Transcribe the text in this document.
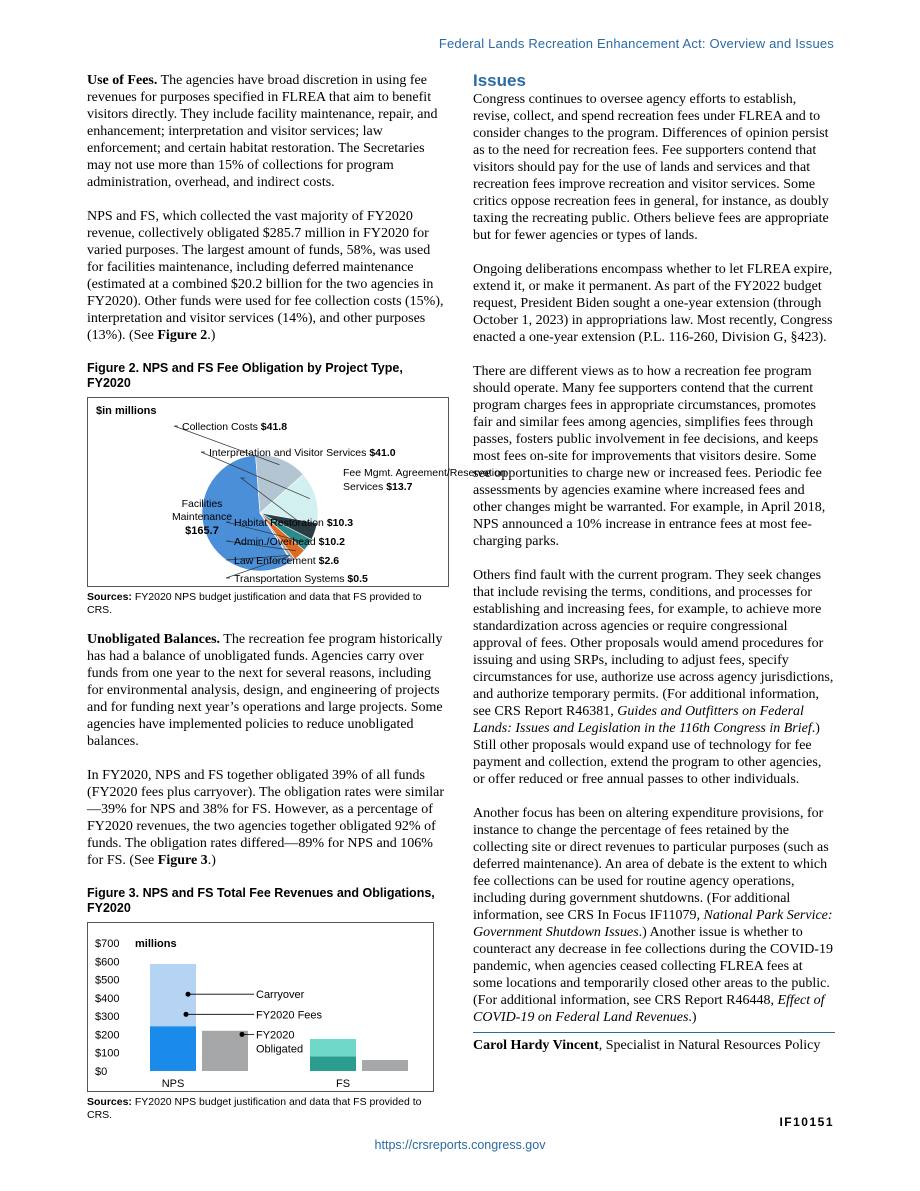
Federal Lands Recreation Enhancement Act: Overview and Issues

Use of Fees. The agencies have broad discretion in using fee revenues for purposes specified in FLREA that aim to benefit visitors directly. They include facility maintenance, repair, and enhancement; interpretation and visitor services; law enforcement; and certain habitat restoration. The Secretaries may not use more than 15% of collections for program administration, overhead, and indirect costs.

NPS and FS, which collected the vast majority of FY2020 revenue, collectively obligated $285.7 million in FY2020 for varied purposes. The largest amount of funds, 58%, was used for facilities maintenance, including deferred maintenance (estimated at a combined $20.2 billion for the two agencies in FY2020). Other funds were used for fee collection costs (15%), interpretation and visitor services (14%), and other purposes (13%). (See Figure 2.)

Figure 2. NPS and FS Fee Obligation by Project Type, FY2020
$in millions
Facilities
Maintenance
$165.7
Collection Costs $41.8
Interpretation and Visitor Services $41.0
Fee Mgmt. Agreement/Reservation
Services $13.7
Habitat Restoration $10.3
Admin./Overhead $10.2
Law Enforcement $2.6
Transportation Systems $0.5
Sources: FY2020 NPS budget justification and data that FS provided to CRS.

Unobligated Balances. The recreation fee program historically has had a balance of unobligated funds. Agencies carry over funds from one year to the next for several reasons, including for environmental analysis, design, and engineering of projects and for funding next year’s operations and large projects. Some agencies have implemented policies to reduce unobligated balances.

In FY2020, NPS and FS together obligated 39% of all funds (FY2020 fees plus carryover). The obligation rates were similar—39% for NPS and 38% for FS. However, as a percentage of FY2020 revenues, the two agencies together obligated 92% of funds. The obligation rates differed—89% for NPS and 106% for FS. (See Figure 3.)

Figure 3. NPS and FS Total Fee Revenues and Obligations, FY2020
$0
$100
$200
$300
$400
$500
$600
$700 millions
NPS	FS
Carryover
FY2020 Fees
FY2020
Obligated
Sources: FY2020 NPS budget justification and data that FS provided to CRS.
Issues

Congress continues to oversee agency efforts to establish, revise, collect, and spend recreation fees under FLREA and to consider changes to the program. Differences of opinion persist as to the need for recreation fees. Fee supporters contend that visitors should pay for the use of lands and services and that recreation fees improve recreation and visitor services. Some critics oppose recreation fees in general, for instance, as doubly taxing the recreating public. Others believe fees are appropriate but for fewer agencies or types of lands.

Ongoing deliberations encompass whether to let FLREA expire, extend it, or make it permanent. As part of the FY2022 budget request, President Biden sought a one-year extension (through October 1, 2023) in appropriations law. Most recently, Congress enacted a one-year extension (P.L. 116-260, Division G, §423).

There are different views as to how a recreation fee program should operate. Many fee supporters contend that the current program charges fees in appropriate circumstances, promotes fair and similar fees among agencies, simplifies fees through passes, fosters public involvement in fee decisions, and keeps most fees on-site for improvements that visitors desire. Some see opportunities to charge new or increased fees. Periodic fee assessments by agencies examine where increased fees and other changes might be warranted. For example, in April 2018, NPS announced a 10% increase in entrance fees at most fee-charging parks.

Others find fault with the current program. They seek changes that include revising the terms, conditions, and processes for establishing and increasing fees, for example, to achieve more standardization across agencies or require congressional approval of fees. Other proposals would amend procedures for issuing and using SRPs, including to adjust fees, specify circumstances for use, authorize use across agency jurisdictions, and authorize temporary permits. (For additional information, see CRS Report R46381, Guides and Outfitters on Federal Lands: Issues and Legislation in the 116th Congress in Brief.) Still other proposals would expand use of technology for fee payment and collection, extend the program to other agencies, or offer reduced or free annual passes to other individuals.

Another focus has been on altering expenditure provisions, for instance to change the percentage of fees retained by the collecting site or direct revenues to particular purposes (such as deferred maintenance). An area of debate is the extent to which fee collections can be used for routine agency operations, including during government shutdowns. (For additional information, see CRS In Focus IF11079, National Park Service: Government Shutdown Issues.) Another issue is whether to counteract any decrease in fee collections during the COVID-19 pandemic, when agencies ceased collecting FLREA fees at some locations and temporarily closed other areas to the public. (For additional information, see CRS Report R46448, Effect of COVID-19 on Federal Land Revenues.)

Carol Hardy Vincent, Specialist in Natural Resources Policy

IF10151
https://crsreports.congress.gov
